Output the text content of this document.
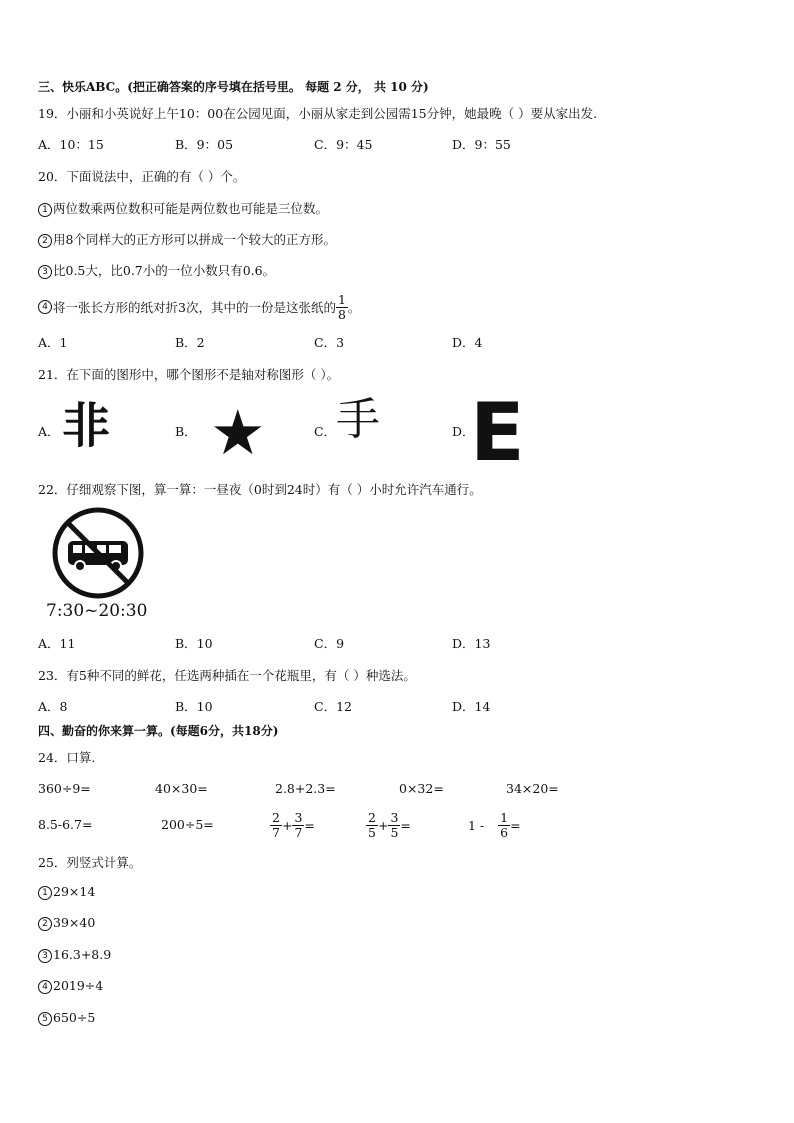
三、快乐ABC。(把正确答案的序号填在括号里。 每题 2 分， 共 10 分)
19．小丽和小英说好上午10：00在公园见面，小丽从家走到公园需15分钟，她最晚（ ）要从家出发.
A．10：15	B．9：05	C．9：45	D．9：55
20．下面说法中，正确的有（ ）个。
1 两位数乘两位数积可能是两位数也可能是三位数。
2 用8个同样大的正方形可以拼成一个较大的正方形。
3 比0.5大，比0.7小的一位小数只有0.6。
4 将一张长方形的纸对折3次，其中的一份是这张纸的 $\frac{1}{8}$ 。
A．1	B．2	C．3	D．4
21．在下面的图形中，哪个图形不是轴对称图形（ ）。
A． 非	B． ★	C． 手	D．
E
22．仔细观察下图，算一算：一昼夜（0时到24时）有（ ）小时允许汽车通行。
7:30~20:30
A．11	B．10	C．9	D．13
23．有5种不同的鲜花，任选两种插在一个花瓶里，有（ ）种选法。
A．8	B．10	C．12	D．14
四、勤奋的你来算一算。(每题6分，共18分)
24．口算.
360÷9=	40×30=	2.8+2.3=	0×32=	34×20=
8.5-6.7=	200÷5=	$\frac{2}{7} + \frac{3}{7}$ =	$\frac{2}{5} + \frac{3}{5}$ =	$1 - \frac{1}{6}$ =
25．列竖式计算。
1 29×14
2 39×40
3 16.3+8.9
4 2019÷4
5 650÷5
